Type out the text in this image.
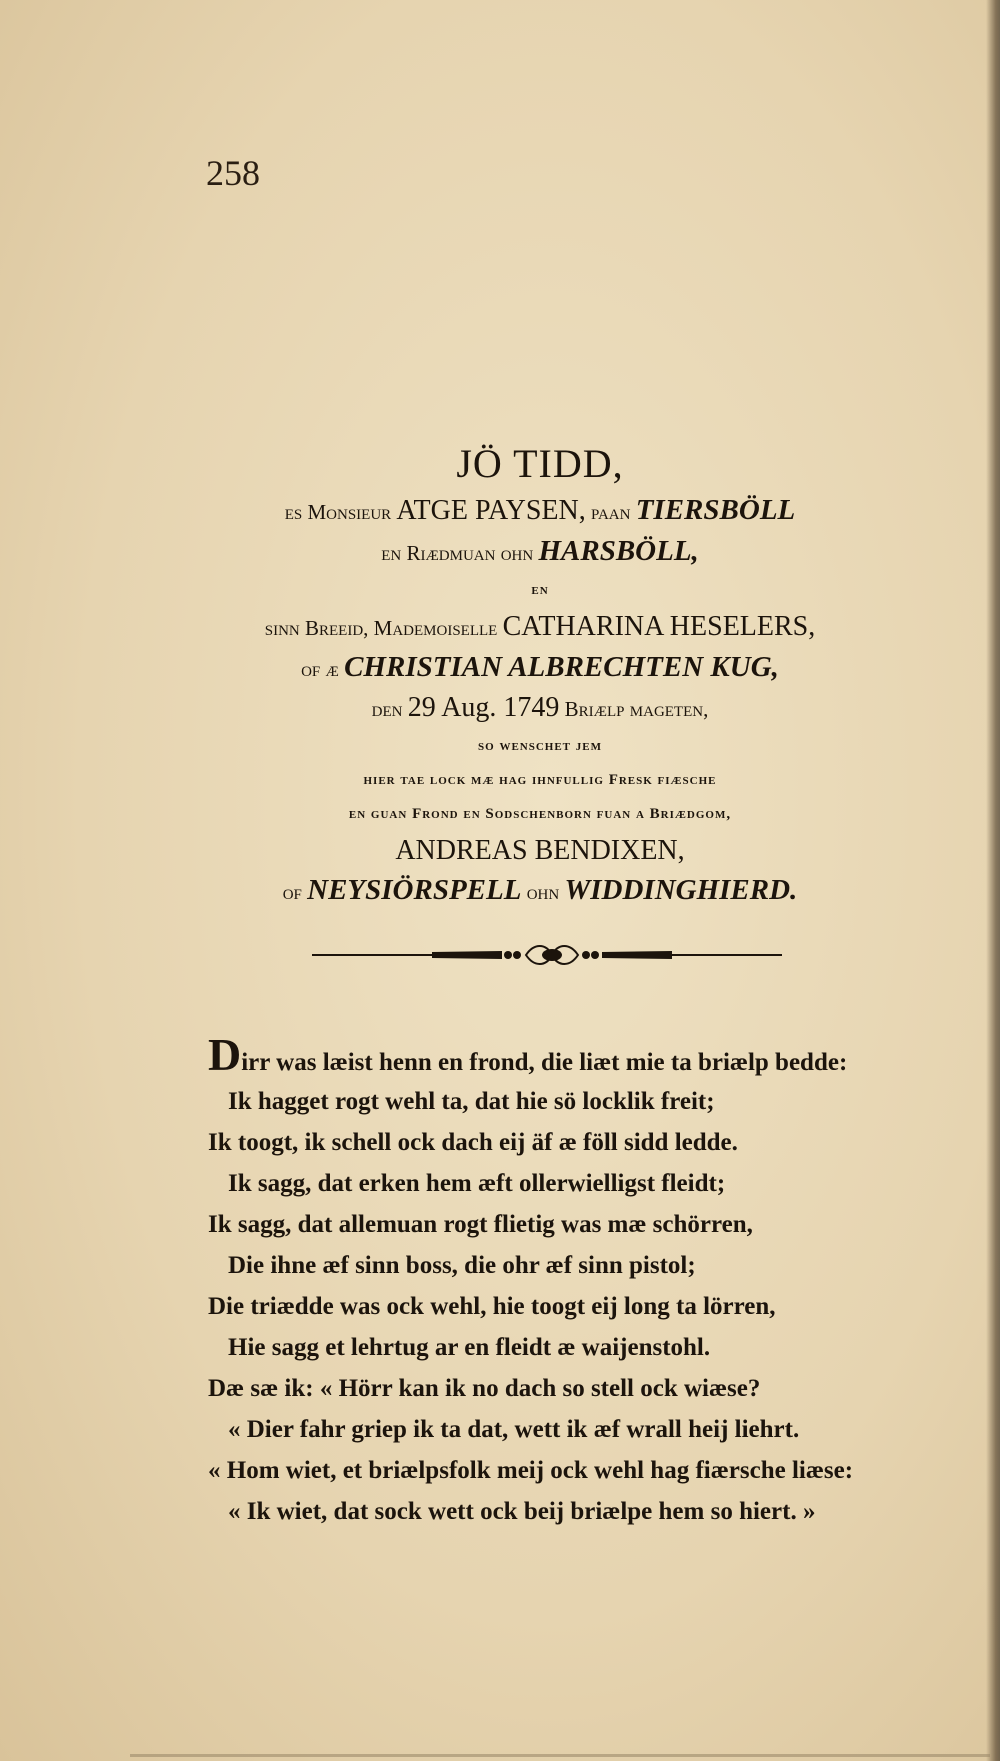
258
JÖ TIDD,
es Monsieur ATGE PAYSEN, paan TIERSBÖLL
en Riædmuan ohn HARSBÖLL,
en
sinn Breeid, Mademoiselle CATHARINA HESELERS,
of æ CHRISTIAN ALBRECHTEN KUG,
den 29 Aug. 1749 Briælp mageten,
so wenschet jem
hier tae lock mæ hag ihnfullig Fresk fiæsche
en guan Frond en Sodschenborn fuan a Briædgom,
ANDREAS BENDIXEN,
of NEYSIÖRSPELL ohn WIDDINGHIERD.
Dirr was læist henn en frond, die liæt mie ta briælp bedde:
Ik hagget rogt wehl ta, dat hie sö locklik freit;
Ik toogt, ik schell ock dach eij äf æ föll sidd ledde.
Ik sagg, dat erken hem æft ollerwielligst fleidt;
Ik sagg, dat allemuan rogt flietig was mæ schörren,
Die ihne æf sinn boss, die ohr æf sinn pistol;
Die triædde was ock wehl, hie toogt eij long ta lörren,
Hie sagg et lehrtug ar en fleidt æ waijenstohl.
Dæ sæ ik: « Hörr kan ik no dach so stell ock wiæse?
« Dier fahr griep ik ta dat, wett ik æf wrall heij liehrt.
« Hom wiet, et briælpsfolk meij ock wehl hag fiærsche liæse:
« Ik wiet, dat sock wett ock beij briælpe hem so hiert. »
